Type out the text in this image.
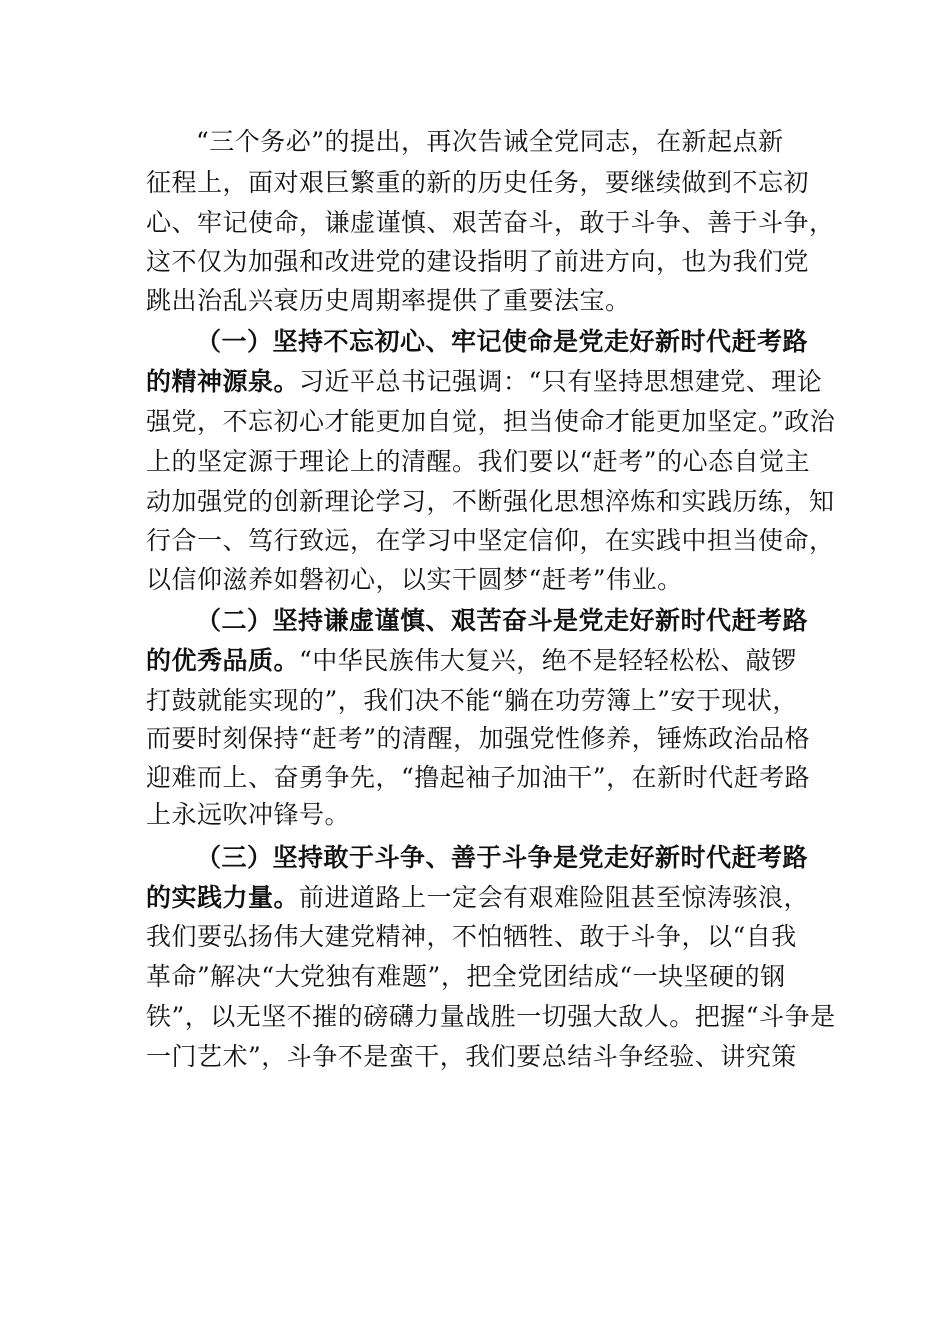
“三个务必”的提出，再次告诫全党同志，在新起点新
征程上，面对艰巨繁重的新的历史任务，要继续做到不忘初
心、牢记使命，谦虚谨慎、艰苦奋斗，敢于斗争、善于斗争，
这不仅为加强和改进党的建设指明了前进方向，也为我们党
跳出治乱兴衰历史周期率提供了重要法宝。
（一）坚持不忘初心、牢记使命是党走好新时代赶考路
的精神源泉。习近平总书记强调：“只有坚持思想建党、理论
强党，不忘初心才能更加自觉，担当使命才能更加坚定。”政治
上的坚定源于理论上的清醒。我们要以“赶考”的心态自觉主
动加强党的创新理论学习，不断强化思想淬炼和实践历练，知
行合一、笃行致远，在学习中坚定信仰，在实践中担当使命，
以信仰滋养如磐初心，以实干圆梦“赶考”伟业。
（二）坚持谦虚谨慎、艰苦奋斗是党走好新时代赶考路
的优秀品质。“中华民族伟大复兴，绝不是轻轻松松、敲锣
打鼓就能实现的”，我们决不能“躺在功劳簿上”安于现状，
而要时刻保持“赶考”的清醒，加强党性修养，锤炼政治品格
迎难而上、奋勇争先，“撸起袖子加油干”，在新时代赶考路
上永远吹冲锋号。
（三）坚持敢于斗争、善于斗争是党走好新时代赶考路
的实践力量。前进道路上一定会有艰难险阻甚至惊涛骇浪，
我们要弘扬伟大建党精神，不怕牺牲、敢于斗争，以“自我
革命”解决“大党独有难题”，把全党团结成“一块坚硬的钢
铁”，以无坚不摧的磅礴力量战胜一切强大敌人。把握“斗争是
一门艺术”，斗争不是蛮干，我们要总结斗争经验、讲究策
